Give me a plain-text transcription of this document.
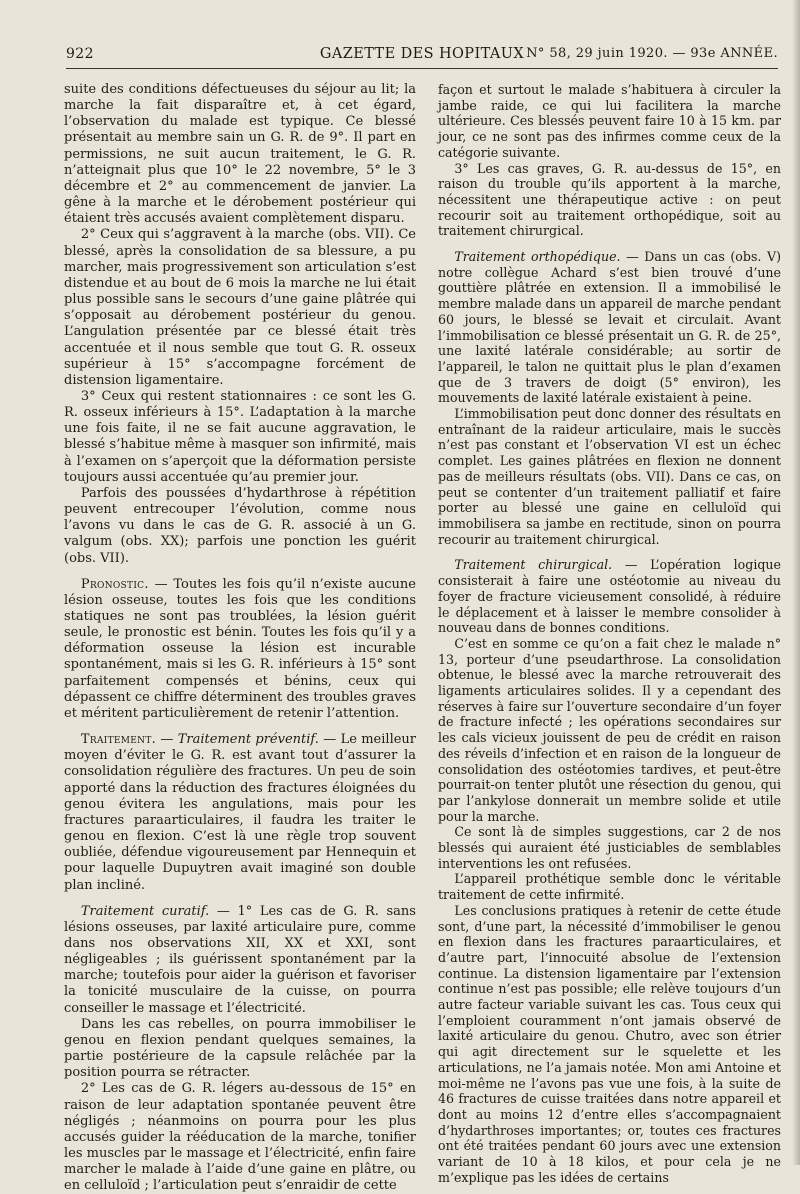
922	GAZETTE DES HOPITAUX N° 58, 29 juin 1920. — 93e ANNÉE.

suite des conditions défectueuses du séjour au lit; la marche la fait disparaître et, à cet égard, l’observation du malade est typique. Ce blessé présentait au membre sain un G. R. de 9°. Il part en permissions, ne suit aucun traitement, le G. R. n’atteignait plus que 10° le 22 novembre, 5° le 3 décembre et 2° au commencement de janvier. La gêne à la marche et le dérobement postérieur qui étaient très accusés avaient complètement disparu.

2° Ceux qui s’aggravent à la marche (obs. VII). Ce blessé, après la consolidation de sa blessure, a pu marcher, mais progressivement son articulation s’est distendue et au bout de 6 mois la marche ne lui était plus possible sans le secours d’une gaine plâtrée qui s’opposait au dérobement postérieur du genou. L’angulation présentée par ce blessé était très accentuée et il nous semble que tout G. R. osseux supérieur à 15° s’accompagne forcément de distension ligamentaire.

3° Ceux qui restent stationnaires : ce sont les G. R. osseux inférieurs à 15°. L’adaptation à la marche une fois faite, il ne se fait aucune aggravation, le blessé s’habitue même à masquer son infirmité, mais à l’examen on s’aperçoit que la déformation persiste toujours aussi accentuée qu’au premier jour.

Parfois des poussées d’hydarthrose à répétition peuvent entrecouper l’évolution, comme nous l’avons vu dans le cas de G. R. associé à un G. valgum (obs. XX); parfois une ponction les guérit (obs. VII).

Pronostic. — Toutes les fois qu’il n’existe aucune lésion osseuse, toutes les fois que les conditions statiques ne sont pas troublées, la lésion guérit seule, le pronostic est bénin. Toutes les fois qu’il y a déformation osseuse la lésion est incurable spontanément, mais si les G. R. inférieurs à 15° sont parfaitement compensés et bénins, ceux qui dépassent ce chiffre déterminent des troubles graves et méritent particulièrement de retenir l’attention.

Traitement. — Traitement préventif. — Le meilleur moyen d’éviter le G. R. est avant tout d’assurer la consolidation régulière des fractures. Un peu de soin apporté dans la réduction des fractures éloignées du genou évitera les angulations, mais pour les fractures paraarticulaires, il faudra les traiter le genou en flexion. C’est là une règle trop souvent oubliée, défendue vigoureusement par Hennequin et pour laquelle Dupuytren avait imaginé son double plan incliné.

Traitement curatif. — 1° Les cas de G. R. sans lésions osseuses, par laxité articulaire pure, comme dans nos observations XII, XX et XXI, sont négligeables ; ils guérissent spontanément par la marche; toutefois pour aider la guérison et favoriser la tonicité musculaire de la cuisse, on pourra conseiller le massage et l’électricité.

Dans les cas rebelles, on pourra immobiliser le genou en flexion pendant quelques semaines, la partie postérieure de la capsule relâchée par la position pourra se rétracter.

2° Les cas de G. R. légers au-dessous de 15° en raison de leur adaptation spontanée peuvent être négligés ; néanmoins on pourra pour les plus accusés guider la rééducation de la marche, tonifier les muscles par le massage et l’électricité, enfin faire marcher le malade à l’aide d’une gaine en plâtre, ou en celluloïd ; l’articulation peut s’enraidir de cette

façon et surtout le malade s’habituera à circuler la jambe raide, ce qui lui facilitera la marche ultérieure. Ces blessés peuvent faire 10 à 15 km. par jour, ce ne sont pas des infirmes comme ceux de la catégorie suivante.

3° Les cas graves, G. R. au-dessus de 15°, en raison du trouble qu’ils apportent à la marche, nécessitent une thérapeutique active : on peut recourir soit au traitement orthopédique, soit au traitement chirurgical.

Traitement orthopédique. — Dans un cas (obs. V) notre collègue Achard s’est bien trouvé d’une gouttière plâtrée en extension. Il a immobilisé le membre malade dans un appareil de marche pendant 60 jours, le blessé se levait et circulait. Avant l’immobilisation ce blessé présentait un G. R. de 25°, une laxité latérale considérable; au sortir de l’appareil, le talon ne quittait plus le plan d’examen que de 3 travers de doigt (5° environ), les mouvements de laxité latérale existaient à peine.

L’immobilisation peut donc donner des résultats en entraînant de la raideur articulaire, mais le succès n’est pas constant et l’observation VI est un échec complet. Les gaines plâtrées en flexion ne donnent pas de meilleurs résultats (obs. VII). Dans ce cas, on peut se contenter d’un traitement palliatif et faire porter au blessé une gaine en celluloïd qui immobilisera sa jambe en rectitude, sinon on pourra recourir au traitement chirurgical.

Traitement chirurgical. — L’opération logique consisterait à faire une ostéotomie au niveau du foyer de fracture vicieusement consolidé, à réduire le déplacement et à laisser le membre consolider à nouveau dans de bonnes conditions.

C’est en somme ce qu’on a fait chez le malade n° 13, porteur d’une pseudarthrose. La consolidation obtenue, le blessé avec la marche retrouverait des ligaments articulaires solides. Il y a cependant des réserves à faire sur l’ouverture secondaire d’un foyer de fracture infecté ; les opérations secondaires sur les cals vicieux jouissent de peu de crédit en raison des réveils d’infection et en raison de la longueur de consolidation des ostéotomies tardives, et peut-être pourrait-on tenter plutôt une résection du genou, qui par l’ankylose donnerait un membre solide et utile pour la marche.

Ce sont là de simples suggestions, car 2 de nos blessés qui auraient été justiciables de semblables interventions les ont refusées.

L’appareil prothétique semble donc le véritable traitement de cette infirmité.

Les conclusions pratiques à retenir de cette étude sont, d’une part, la nécessité d’immobiliser le genou en flexion dans les fractures paraarticulaires, et d’autre part, l’innocuité absolue de l’extension continue. La distension ligamentaire par l’extension continue n’est pas possible; elle relève toujours d’un autre facteur variable suivant les cas. Tous ceux qui l’emploient couramment n’ont jamais observé de laxité articulaire du genou. Chutro, avec son étrier qui agit directement sur le squelette et les articulations, ne l’a jamais notée. Mon ami Antoine et moi-même ne l’avons pas vue une fois, à la suite de 46 fractures de cuisse traitées dans notre appareil et dont au moins 12 d’entre elles s’accompagnaient d’hydarthroses importantes; or, toutes ces fractures ont été traitées pendant 60 jours avec une extension variant de 10 à 18 kilos, et pour cela je ne m’explique pas les idées de certains
